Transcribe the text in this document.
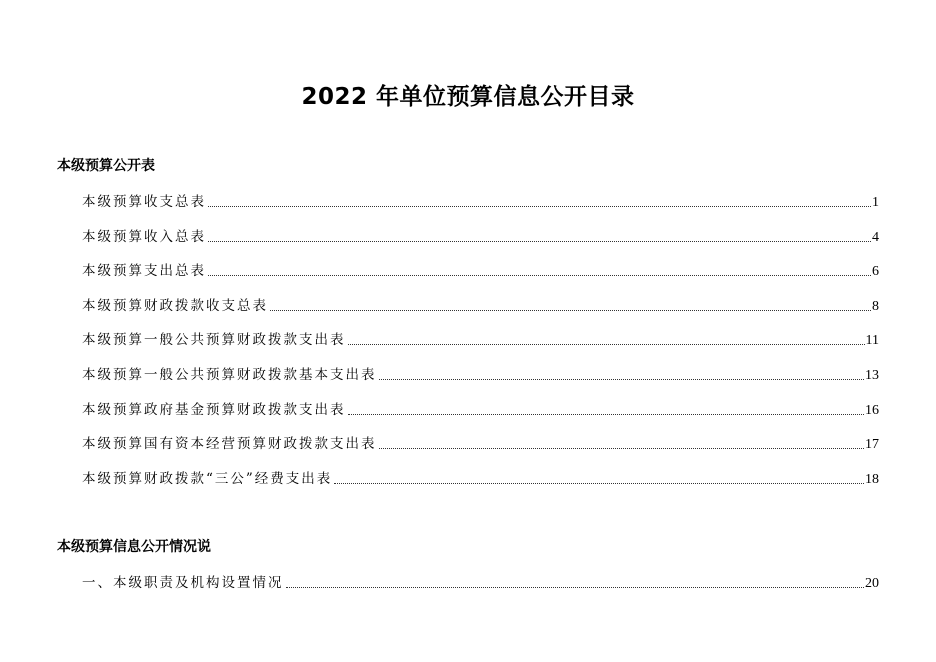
2022 年单位预算信息公开目录
本级预算公开表
本级预算收支总表	1
本级预算收入总表	4
本级预算支出总表	6
本级预算财政拨款收支总表	8
本级预算一般公共预算财政拨款支出表	11
本级预算一般公共预算财政拨款基本支出表	13
本级预算政府基金预算财政拨款支出表	16
本级预算国有资本经营预算财政拨款支出表	17
本级预算财政拨款“三公”经费支出表	18
本级预算信息公开情况说
一、本级职责及机构设置情况	20
